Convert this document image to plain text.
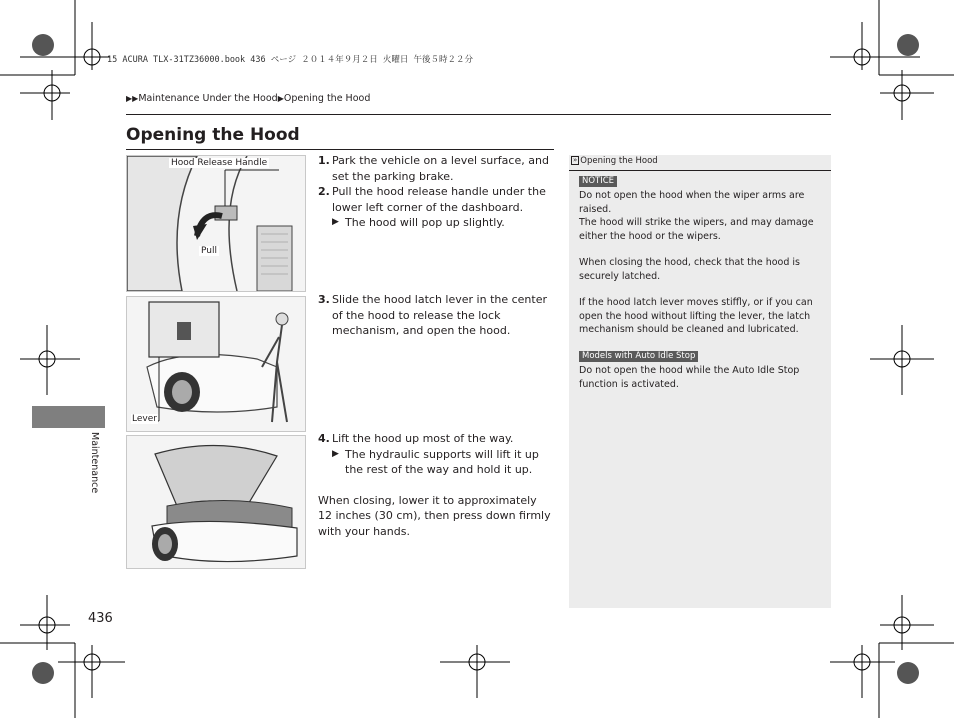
15 ACURA TLX-31TZ36000.book 436 ページ ２０１４年９月２日 火曜日 午後５時２２分
▶▶Maintenance Under the Hood▶Opening the Hood
Opening the Hood
Maintenance
436
Hood Release Handle
Pull
Lever
1. Park the vehicle on a level surface, and set the parking brake.
2. Pull the hood release handle under the lower left corner of the dashboard.
▶ The hood will pop up slightly.
3. Slide the hood latch lever in the center of the hood to release the lock mechanism, and open the hood.
4. Lift the hood up most of the way.
▶ The hydraulic supports will lift it up the rest of the way and hold it up.
When closing, lower it to approximately 12 inches (30 cm), then press down firmly with your hands.
» Opening the Hood
NOTICE
Do not open the hood when the wiper arms are raised.
The hood will strike the wipers, and may damage either the hood or the wipers.
When closing the hood, check that the hood is securely latched.
If the hood latch lever moves stiffly, or if you can open the hood without lifting the lever, the latch mechanism should be cleaned and lubricated.
Models with Auto Idle Stop
Do not open the hood while the Auto Idle Stop function is activated.
